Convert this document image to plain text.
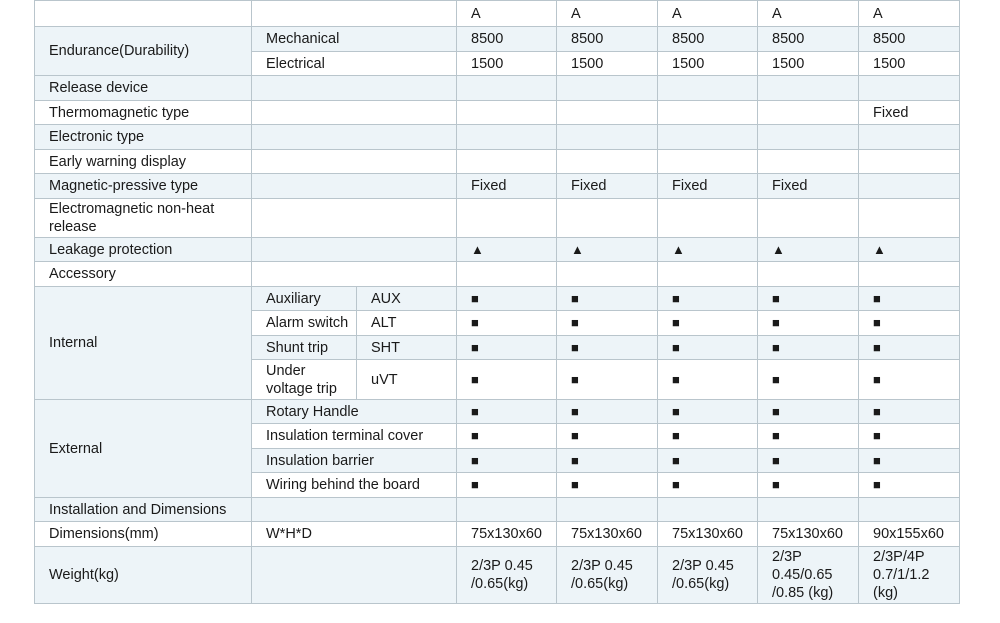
			A	A	A	A	A
Endurance(Durability)	Mechanical		8500	8500	8500	8500	8500
	Electrical		1500	1500	1500	1500	1500
Release device							
Thermomagnetic type							Fixed
Electronic type							
Early warning display							
Magnetic-pressive type			Fixed	Fixed	Fixed	Fixed	
Electromagnetic non-heat release							
Leakage protection			▲	▲	▲	▲	▲
Accessory							
Internal	Auxiliary	AUX	■	■	■	■	■
	Alarm switch	ALT	■	■	■	■	■
	Shunt trip	SHT	■	■	■	■	■
	Under voltage trip	uVT	■	■	■	■	■
External	Rotary Handle		■	■	■	■	■
	Insulation terminal cover		■	■	■	■	■
	Insulation barrier		■	■	■	■	■
	Wiring behind the board		■	■	■	■	■
Installation and Dimensions							
Dimensions(mm)	W*H*D		75x130x60	75x130x60	75x130x60	75x130x60	90x155x60
Weight(kg)			2/3P 0.45 /0.65(kg)	2/3P 0.45 /0.65(kg)	2/3P 0.45 /0.65(kg)	2/3P 0.45/0.65 /0.85 (kg)	2/3P/4P 0.7/1/1.2 (kg)
